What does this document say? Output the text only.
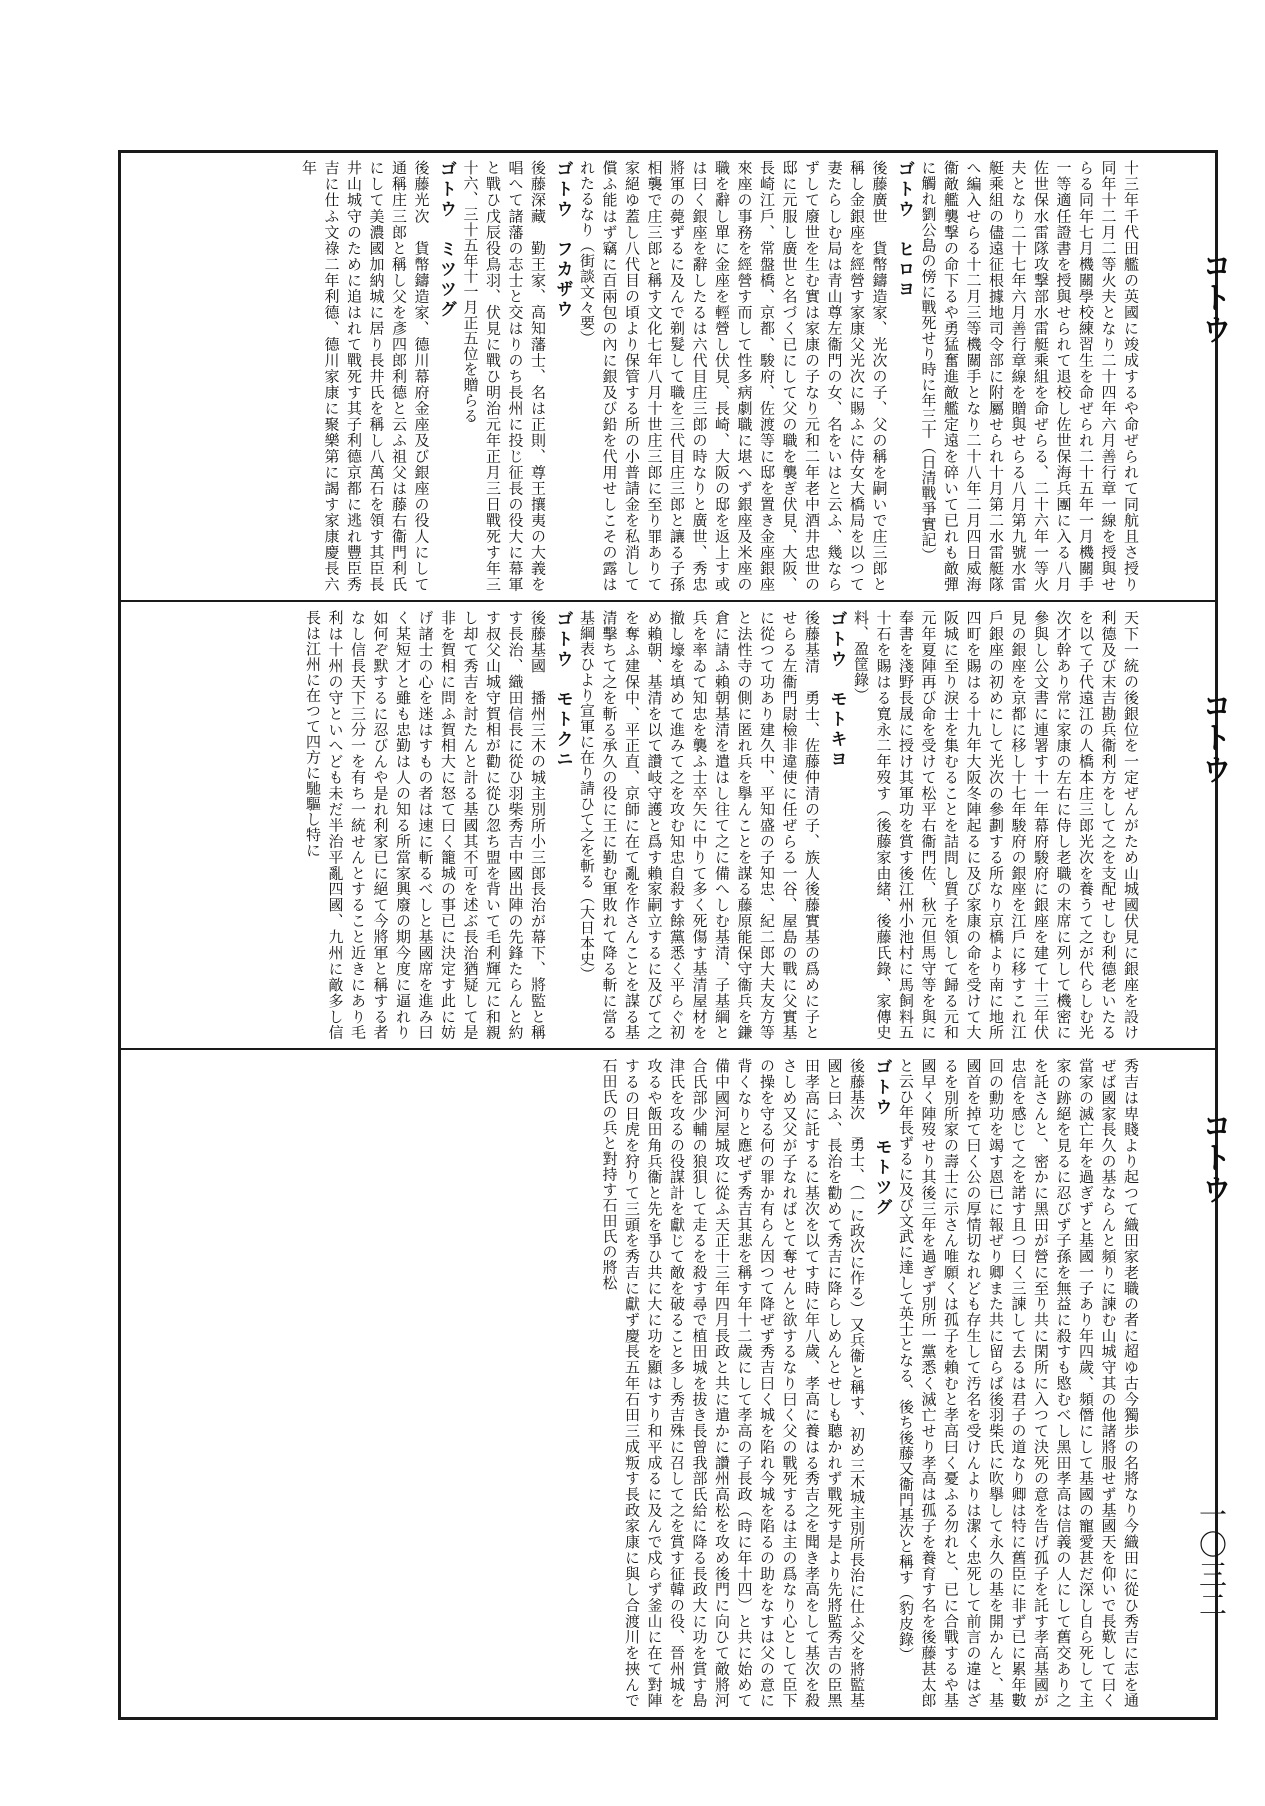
コトウ
コトウ
コトウ
一〇三二

十三年千代田艦の英國に竣成するや命ぜられて同航且さ授り同年十二月二等火夫となり二十四年六月善行章一線を授與せらる同年七月機關學校練習生を命ぜられ二十五年一月機關手一等適任證書を授與せられて退校し佐世保海兵團に入る八月佐世保水雷隊攻撃部水雷艇乘組を命ぜらる、二十六年一等火夫となり二十七年六月善行章線を贈與せらる八月第九號水雷艇乘組の儘遠征根據地司令部に附屬せられ十月第二水雷艇隊へ編入せらる十二月三等機關手となり二十八年二月四日威海衞敵艦襲撃の命下るや勇猛奮進敵艦定遠を碎いて已れも敵彈に觸れ劉公島の傍に戰死せり時に年三十（日清戰爭實記）

ゴトウ　ヒロヨ

後藤廣世　貨幣鑄造家、光次の子、父の稱を嗣いで庄三郎と稱し金銀座を經營す家康父光次に賜ふに侍女大橋局を以つて妻たらしむ局は青山尊左衞門の女、名をいはと云ふ、幾ならずして廢世を生む實は家康の子なり元和二年老中酒井忠世の邸に元服し廣世と名づく已にして父の職を襲ぎ伏見、大阪、長崎江戶、常盤橋、京都、駿府、佐渡等に邸を置き金座銀座來座の事務を經營す而して性多病劇職に堪へず銀座及米座の職を辭し單に金座を輕營し伏見、長崎、大阪の邸を返上す或は曰く銀座を辭したるは六代目庄三郎の時なりと廣世、秀忠將軍の薨ずるに及んで剃髮して職を三代目庄三郎と讓る子孫相襲で庄三郎と稱す文化七年八月十世庄三郎に至り罪ありて家絕ゆ蓋し八代目の頃より保管する所の小普請金を私消して償ふ能はず竊に百兩包の內に銀及び鉛を代用せしこその露はれたるなり（街談文々要）

ゴトウ　フカザウ

後藤深藏　勤王家、高知藩士、名は正則、尊王攘夷の大義を唱へて諸藩の志士と交はりのち長州に投じ征長の役大に幕軍と戰ひ戊辰役鳥羽、伏見に戰ひ明治元年正月三日戰死す年三十六、三十五年十一月正五位を贈らる

ゴトウ　ミツツグ

後藤光次　貨幣鑄造家、德川幕府金座及び銀座の役人にして通稱庄三郎と稱し父を彥四郎利德と云ふ祖父は藤右衞門利氏にして美濃國加納城に居り長井氏を稱し八萬石を領す其臣長井山城守のために追はれて戰死す其子利德京都に逃れ豐臣秀吉に仕ふ文祿二年利德、德川家康に聚樂第に謁す家康慶長六年

天下一統の後銀位を一定ぜんがため山城國伏見に銀座を設け利德及び末吉勘兵衞利方をして之を支配せしむ利德老いたるを以て子代遠江の人橋本庄三郎光次を養うて之が代らしむ光次才幹あり常に家康の左右に侍し老職の末席に列して機密に參與し公文書に連署す十一年幕府駿府に銀座を建て十三年伏見の銀座を京都に移し十七年駿府の銀座を江戶に移すこれ江戶銀座の初めにして光次の參劃する所なり京橋より南に地所四町を賜はる十九年大阪冬陣起るに及び家康の命を受けて大阪城に至り淚士を集むることを詰問し質子を領して歸る元和元年夏陣再び命を受けて松平右衞門佐、秋元但馬守等を與に奉書を淺野長晟に授け其軍功を賞す後江州小池村に馬飼料五十石を賜はる寬永二年歿す（後藤家由緒、後藤氏錄、家傳史料、盈筐錄）

ゴトウ　モトキヨ

後藤基清　勇士、佐藤仲清の子、族人後藤實基の爲めに子とせらる左衞門尉檢非違使に任ぜらる一谷、屋島の戰に父實基に從つて功あり建久中、平知盛の子知忠、紀二郎大夫友方等と法性寺の側に匿れ兵を擧んことを謀る藤原能保守衞兵を鎌倉に請ふ賴朝基清を遣はし往て之に備へしむ基清、子基綱と兵を率ゐて知忠を襲ふ士卒矢に中りて多く死傷す基清屋材を撤し壕を填めて進みて之を攻む知忠自殺す餘黨悉く平らぐ初め賴朝、基清を以て讚岐守護と爲す賴家嗣立するに及びて之を奪ふ建保中、平正直、京師に在て亂を作さんことを謀る基清擊ちて之を斬る承久の役に王に勤む軍敗れて降る斬に當る基綱表ひより宣軍に在り請ひて之を斬る（大日本史）

ゴトウ　モトクニ

後藤基國　播州三木の城主別所小三郎長治が幕下、將監と稱す長治、織田信長に從ひ羽柴秀吉中國出陣の先鋒たらんと約す叔父山城守賀相が勸に從ひ忽ち盟を背いて毛利輝元に和親し却て秀吉を討たんと計る基國其不可を述ぶ長治猶疑して是非を賀相に問ふ賀相大に怒て曰く籠城の事已に決定す此に妨げ諸士の心を迷はすもの者は速に斬るべしと基國席を進み曰く某短才と雖も忠勤は人の知る所當家興廢の期今度に逼れり如何ぞ默するに忍びんや是れ利家已に絕て今將軍と稱する者なし信長天下三分一を有ち一統せんとすること近きにあり毛利は十州の守といへども未だ半治平亂四國、九州に敵多し信長は江州に在つて四方に馳驅し特に

秀吉は卑賤より起つて織田家老職の者に超ゆ古今獨歩の名將なり今織田に從ひ秀吉に志を通ぜば國家長久の基ならんと頻りに諫む山城守其の他諸將服せず基國天を仰いで長歎して曰く當家の滅亡年を過ぎずと基國一子あり年四歲、頻僭にして基國の寵愛甚だ深し自ら死して主家の跡絕を見るに忍びず子孫を無益に殺すも愍むべし黑田孝高は信義の人にして舊交あり之を託さんと、密かに黑田が營に至り共に閑所に入つて決死の意を告げ孤子を託す孝高基國が忠信を感じて之を諾す且つ曰く三諫して去るは君子の道なり卿は特に舊臣に非ず已に累年數回の勳功を竭す恩已に報ぜり卿また共に留らば後羽柴氏に吹擧して永久の基を開かんと、基國首を掉て曰く公の厚情切なれども存生して汚名を受けんよりは潔く忠死して前言の違はざるを別所家の壽士に示さん唯願くは孤子を賴むと孝高曰く憂ふる勿れと、已に合戰するや基國早く陣歿せり其後三年を過ぎず別所一黨悉く滅亡せり孝高は孤子を養育す名を後藤甚太郎と云ひ年長ずるに及び文武に達して英士となる、後ち後藤又衞門基次と稱す（豹皮錄）

ゴトウ　モトツグ

後藤基次　勇士、（一に政次に作る）又兵衞と稱す、初め三木城主別所長治に仕ふ父を將監基國と曰ふ、長治を勸めて秀吉に降らしめんとせしも聽かれず戰死す是より先將監秀吉の臣黑田孝高に託するに基次を以てす時に年八歲、孝高に養はる秀吉之を聞き孝高をして基次を殺さしめ又父が子なればとて奪せんと欲するなり曰く父の戰死するは主の爲なり心として臣下の操を守る何の罪か有らん因つて降ぜず秀吉曰く城を陷れ今城を陷るの助をなすは父の意に背くなりと應ぜず秀吉其悲を稱す年十二歲にして孝高の子長政（時に年十四）と共に始めて備中國河屋城攻に從ふ天正十三年四月長政と共に遣かに讚州高松を攻め後門に向ひて敵將河合氏部少輔の狼狽して走るを殺す尋で植田城を拔き長曾我部氏給に降る長政大に功を賞す島津氏を攻るの役謀計を獻じて敵を破ること多し秀吉殊に召して之を賞す征韓の役、晉州城を攻るや飯田角兵衞と先を爭ひ共に大に功を顯はすり和平成るに及んで戍らず釜山に在て對陣するの日虎を狩りて三頭を秀吉に獻ず慶長五年石田三成叛す長政家康に與し合渡川を挾んで石田氏の兵と對持す石田氏の將松
